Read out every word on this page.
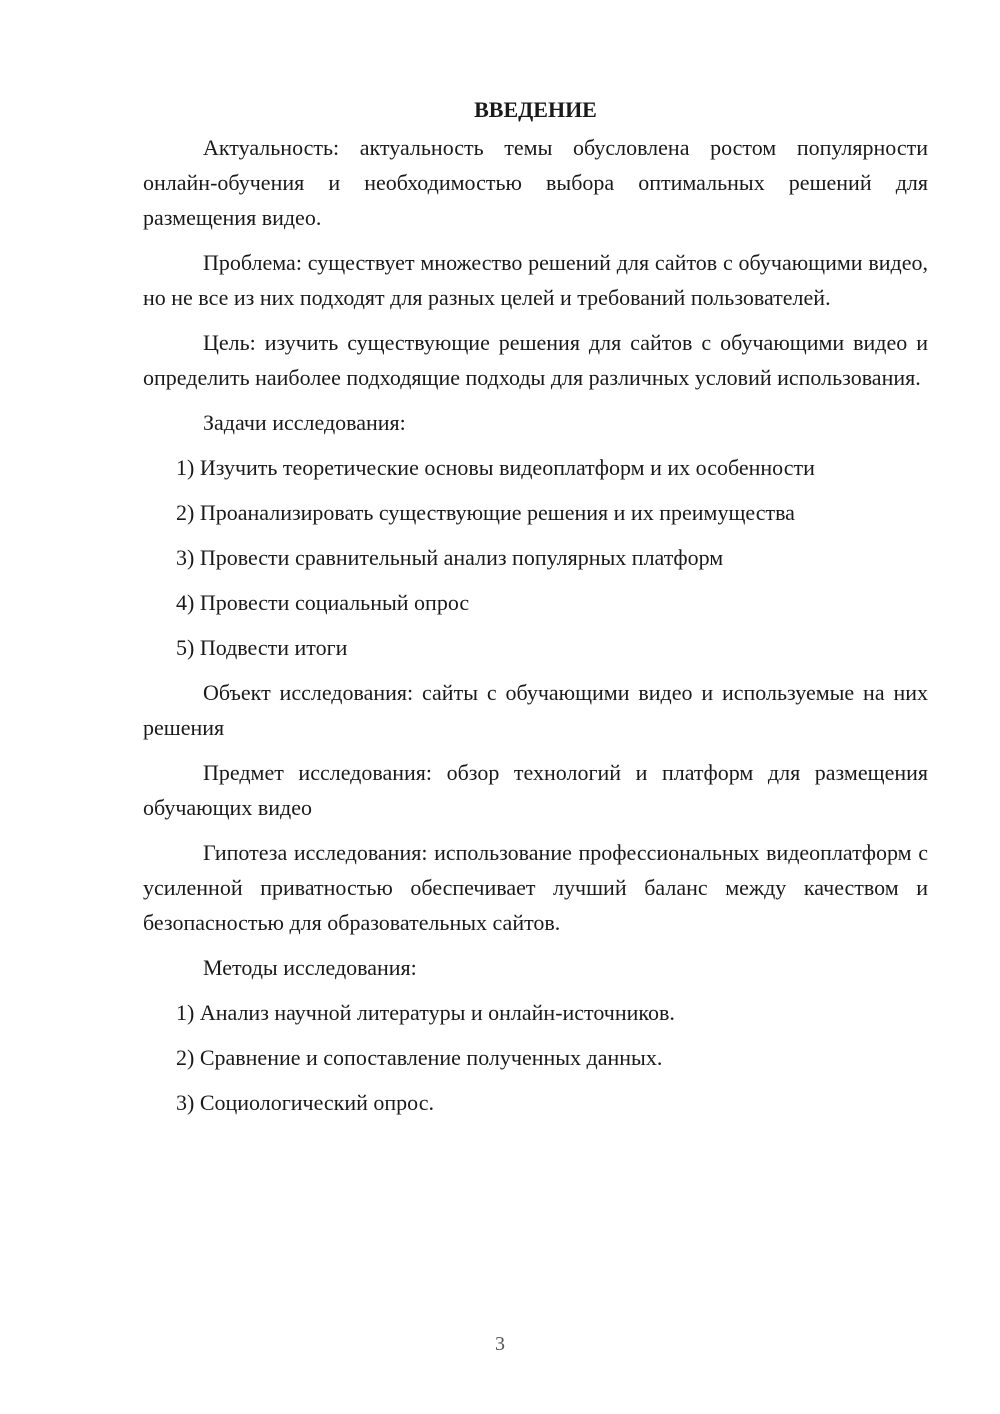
ВВЕДЕНИЕ

Актуальность: актуальность темы обусловлена ростом популярности онлайн-обучения и необходимостью выбора оптимальных решений для размещения видео.

Проблема: существует множество решений для сайтов с обучающими видео, но не все из них подходят для разных целей и требований пользователей.

Цель: изучить существующие решения для сайтов с обучающими видео и определить наиболее подходящие подходы для различных условий использования.

Задачи исследования:

1) Изучить теоретические основы видеоплатформ и их особенности
2) Проанализировать существующие решения и их преимущества
3) Провести сравнительный анализ популярных платформ
4) Провести социальный опрос
5) Подвести итоги

Объект исследования: сайты с обучающими видео и используемые на них решения

Предмет исследования: обзор технологий и платформ для размещения обучающих видео

Гипотеза исследования: использование профессиональных видеоплатформ с усиленной приватностью обеспечивает лучший баланс между качеством и безопасностью для образовательных сайтов.

Методы исследования:

1) Анализ научной литературы и онлайн-источников.
2) Сравнение и сопоставление полученных данных.
3) Социологический опрос.
3
